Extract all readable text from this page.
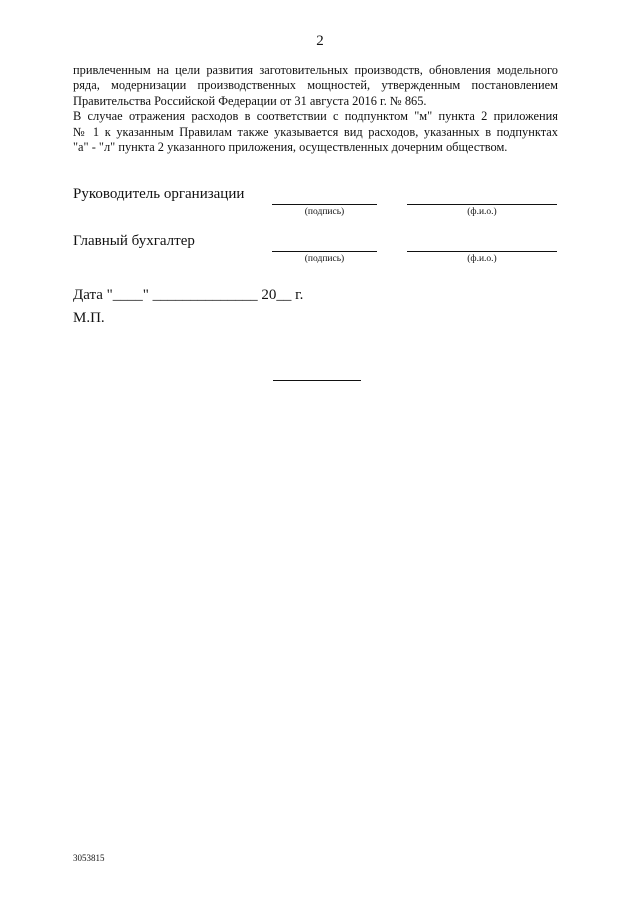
2
привлеченным на цели развития заготовительных производств, обновления модельного
ряда, модернизации производственных мощностей, утвержденным постановлением
Правительства Российской Федерации от 31 августа 2016 г. № 865.
В случае отражения расходов в соответствии с подпунктом "м" пункта 2 приложения
№ 1 к указанным Правилам также указывается вид расходов, указанных в подпунктах
"а" - "л" пункта 2 указанного приложения, осуществленных дочерним обществом.
Руководитель организации
(подпись)	(ф.и.о.)
Главный бухгалтер
(подпись)	(ф.и.о.)
Дата "____" ______________ 20__ г.
М.П.
3053815
